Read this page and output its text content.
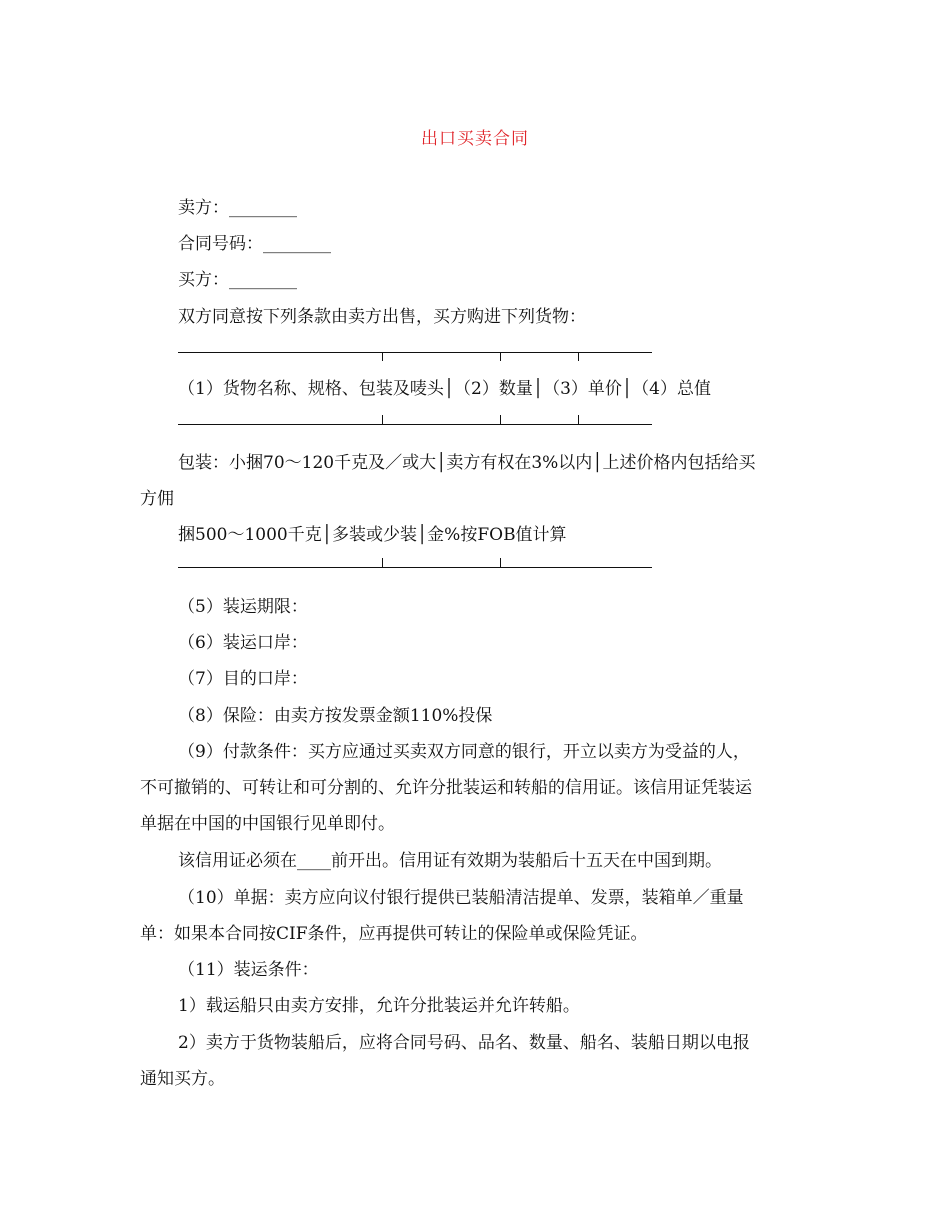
出口买卖合同
卖方：________
合同号码：________
买方：________
双方同意按下列条款由卖方出售，买方购进下列货物：
（1）货物名称、规格、包装及唛头│（2）数量│（3）单价│（4）总值
包装：小捆70～120千克及／或大│卖方有权在3%以内│上述价格内包括给买
方佣
捆500～1000千克│多装或少装│金%按FOB值计算
（5）装运期限：
（6）装运口岸：
（7）目的口岸：
（8）保险：由卖方按发票金额110%投保
（9）付款条件：买方应通过买卖双方同意的银行，开立以卖方为受益的人，
不可撤销的、可转让和可分割的、允许分批装运和转船的信用证。该信用证凭装运
单据在中国的中国银行见单即付。
该信用证必须在____前开出。信用证有效期为装船后十五天在中国到期。
（10）单据：卖方应向议付银行提供已装船清洁提单、发票，装箱单／重量
单：如果本合同按CIF条件，应再提供可转让的保险单或保险凭证。
（11）装运条件：
1）载运船只由卖方安排，允许分批装运并允许转船。
2）卖方于货物装船后，应将合同号码、品名、数量、船名、装船日期以电报
通知买方。
